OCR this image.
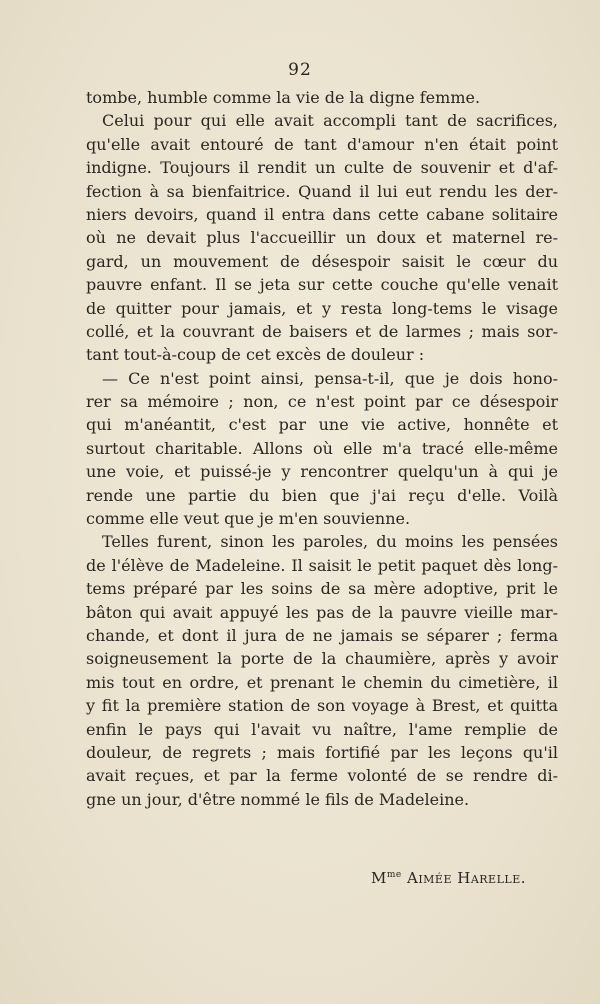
92
tombe, humble comme la vie de la digne femme.
Celui pour qui elle avait accompli tant de sacrifices,
qu'elle avait entouré de tant d'amour n'en était point
indigne. Toujours il rendit un culte de souvenir et d'af-
fection à sa bienfaitrice. Quand il lui eut rendu les der-
niers devoirs, quand il entra dans cette cabane solitaire
où ne devait plus l'accueillir un doux et maternel re-
gard, un mouvement de désespoir saisit le cœur du
pauvre enfant. Il se jeta sur cette couche qu'elle venait
de quitter pour jamais, et y resta long-tems le visage
collé, et la couvrant de baisers et de larmes ; mais sor-
tant tout-à-coup de cet excès de douleur :
— Ce n'est point ainsi, pensa-t-il, que je dois hono-
rer sa mémoire ; non, ce n'est point par ce désespoir
qui m'anéantit, c'est par une vie active, honnête et
surtout charitable. Allons où elle m'a tracé elle-même
une voie, et puissé-je y rencontrer quelqu'un à qui je
rende une partie du bien que j'ai reçu d'elle. Voilà
comme elle veut que je m'en souvienne.
Telles furent, sinon les paroles, du moins les pensées
de l'élève de Madeleine. Il saisit le petit paquet dès long-
tems préparé par les soins de sa mère adoptive, prit le
bâton qui avait appuyé les pas de la pauvre vieille mar-
chande, et dont il jura de ne jamais se séparer ; ferma
soigneusement la porte de la chaumière, après y avoir
mis tout en ordre, et prenant le chemin du cimetière, il
y fit la première station de son voyage à Brest, et quitta
enfin le pays qui l'avait vu naître, l'ame remplie de
douleur, de regrets ; mais fortifié par les leçons qu'il
avait reçues, et par la ferme volonté de se rendre di-
gne un jour, d'être nommé le fils de Madeleine.
$M^{me}$ Aimée Harelle.
